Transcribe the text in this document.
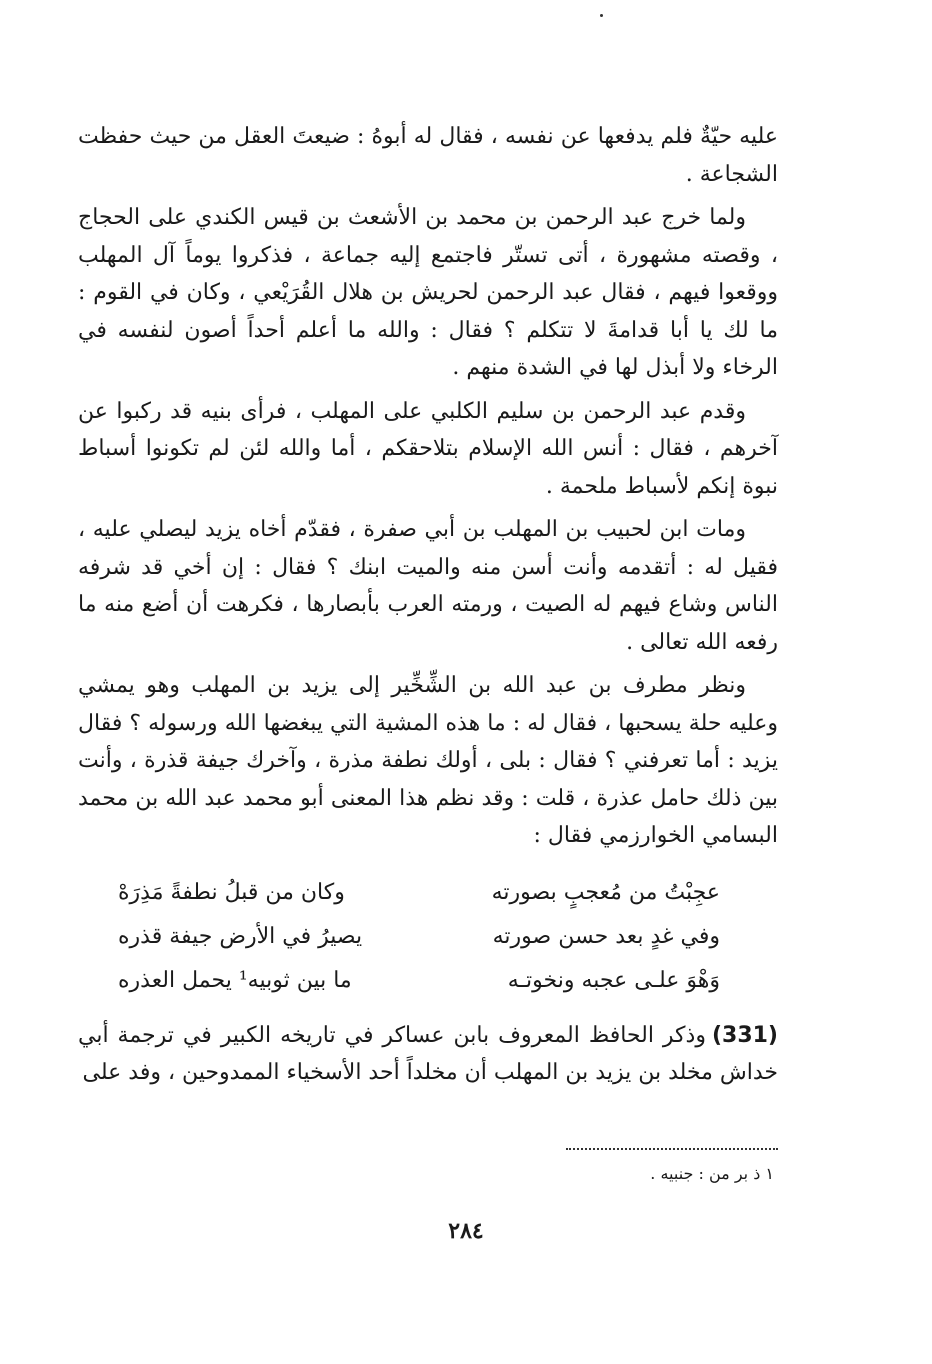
عليه حيّةٌ فلم يدفعها عن نفسه ، فقال له أبوهُ : ضيعتَ العقل من حيث حفظت الشجاعة .

ولما خرج عبد الرحمن بن محمد بن الأشعث بن قيس الكندي على الحجاج ، وقصته مشهورة ، أتى تستّر فاجتمع إليه جماعة ، فذكروا يوماً آل المهلب ووقعوا فيهم ، فقال عبد الرحمن لحريش بن هلال القُرَيْعي ، وكان في القوم : ما لك يا أبا قدامةَ لا تتكلم ؟ فقال : والله ما أعلم أحداً أصون لنفسه في الرخاء ولا أبذل لها في الشدة منهم .

وقدم عبد الرحمن بن سليم الكلبي على المهلب ، فرأى بنيه قد ركبوا عن آخرهم ، فقال : أنس الله الإسلام بتلاحقكم ، أما والله لئن لم تكونوا أسباط نبوة إنكم لأسباط ملحمة .

ومات ابن لحبيب بن المهلب بن أبي صفرة ، فقدّم أخاه يزيد ليصلي عليه ، فقيل له : أتقدمه وأنت أسن منه والميت ابنك ؟ فقال : إن أخي قد شرفه الناس وشاع فيهم له الصيت ، ورمته العرب بأبصارها ، فكرهت أن أضع منه ما رفعه الله تعالى .

ونظر مطرف بن عبد الله بن الشِّخِّير إلى يزيد بن المهلب وهو يمشي وعليه حلة يسحبها ، فقال له : ما هذه المشية التي يبغضها الله ورسوله ؟ فقال يزيد : أما تعرفني ؟ فقال : بلى ، أولك نطفة مذرة ، وآخرك جيفة قذرة ، وأنت بين ذلك حامل عذرة ، قلت : وقد نظم هذا المعنى أبو محمد عبد الله بن محمد البسامي الخوارزمي فقال :

عجِبْتُ من مُعجبٍ بصورته
وكان من قبلُ نطفةً مَذِرَهْ
وفي غدٍ بعد حسن صورته
يصيرُ في الأرض جيفة قذره
وَهْوَ علـى عجبه ونخوتـه
ما بين ثوبيه¹ يحمل العذره

(331)وذكر الحافظ المعروف بابن عساكر في تاريخه الكبير في ترجمة أبي خداش مخلد بن يزيد بن المهلب أن مخلداً أحد الأسخياء الممدوحين ، وفد على

١ ذ بر من : جنبيه .
٢٨٤
